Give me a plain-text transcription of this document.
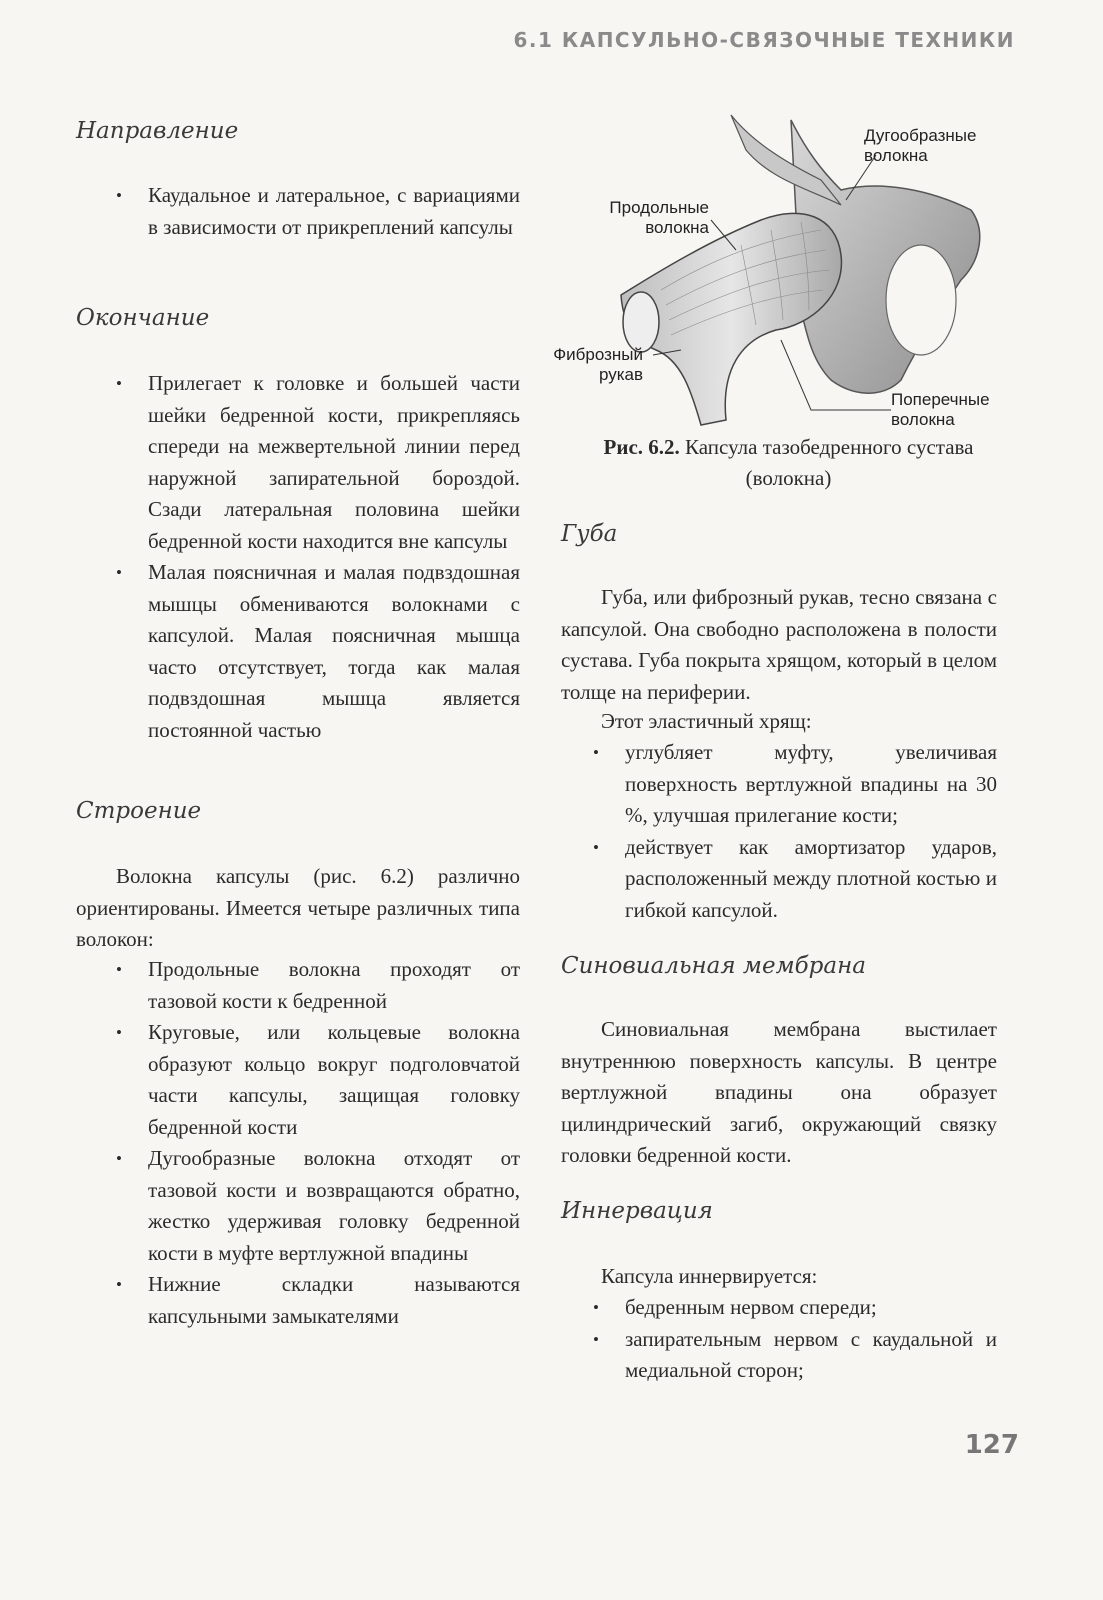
6.1 КАПСУЛЬНО-СВЯЗОЧНЫЕ ТЕХНИКИ
Направление
• Каудальное и латеральное, с вариациями в зависимости от прикреплений капсулы
Окончание
• Прилегает к головке и большей части шейки бедренной кости, прикрепляясь спереди на межвертельной линии перед наружной запирательной бороздой. Сзади латеральная половина шейки бедренной кости находится вне капсулы
• Малая поясничная и малая подвздошная мышцы обмениваются волокнами с капсулой. Малая поясничная мышца часто отсутствует, тогда как малая подвздошная мышца является постоянной частью
Строение
Волокна капсулы (рис. 6.2) различно ориентированы. Имеется четыре различных типа волокон:
• Продольные волокна проходят от тазовой кости к бедренной
• Круговые, или кольцевые волокна образуют кольцо вокруг подголовчатой части капсулы, защищая головку бедренной кости
• Дугообразные волокна отходят от тазовой кости и возвращаются обратно, жестко удерживая головку бедренной кости в муфте вертлужной впадины
• Нижние складки называются капсульными замыкателями
Дугообразные волокна
Продольные волокна
Фиброзный рукав
Поперечные волокна
Рис. 6.2. Капсула тазобедренного сустава (волокна)
Губа
Губа, или фиброзный рукав, тесно связана с капсулой. Она свободно расположена в полости сустава. Губа покрыта хрящом, который в целом толще на периферии.
Этот эластичный хрящ:
• углубляет муфту, увеличивая поверхность вертлужной впадины на 30 %, улучшая прилегание кости;
• действует как амортизатор ударов, расположенный между плотной костью и гибкой капсулой.
Синовиальная мембрана
Синовиальная мембрана выстилает внутреннюю поверхность капсулы. В центре вертлужной впадины она образует цилиндрический загиб, окружающий связку головки бедренной кости.
Иннервация
Капсула иннервируется:
• бедренным нервом спереди;
• запирательным нервом с каудальной и медиальной сторон;
127
